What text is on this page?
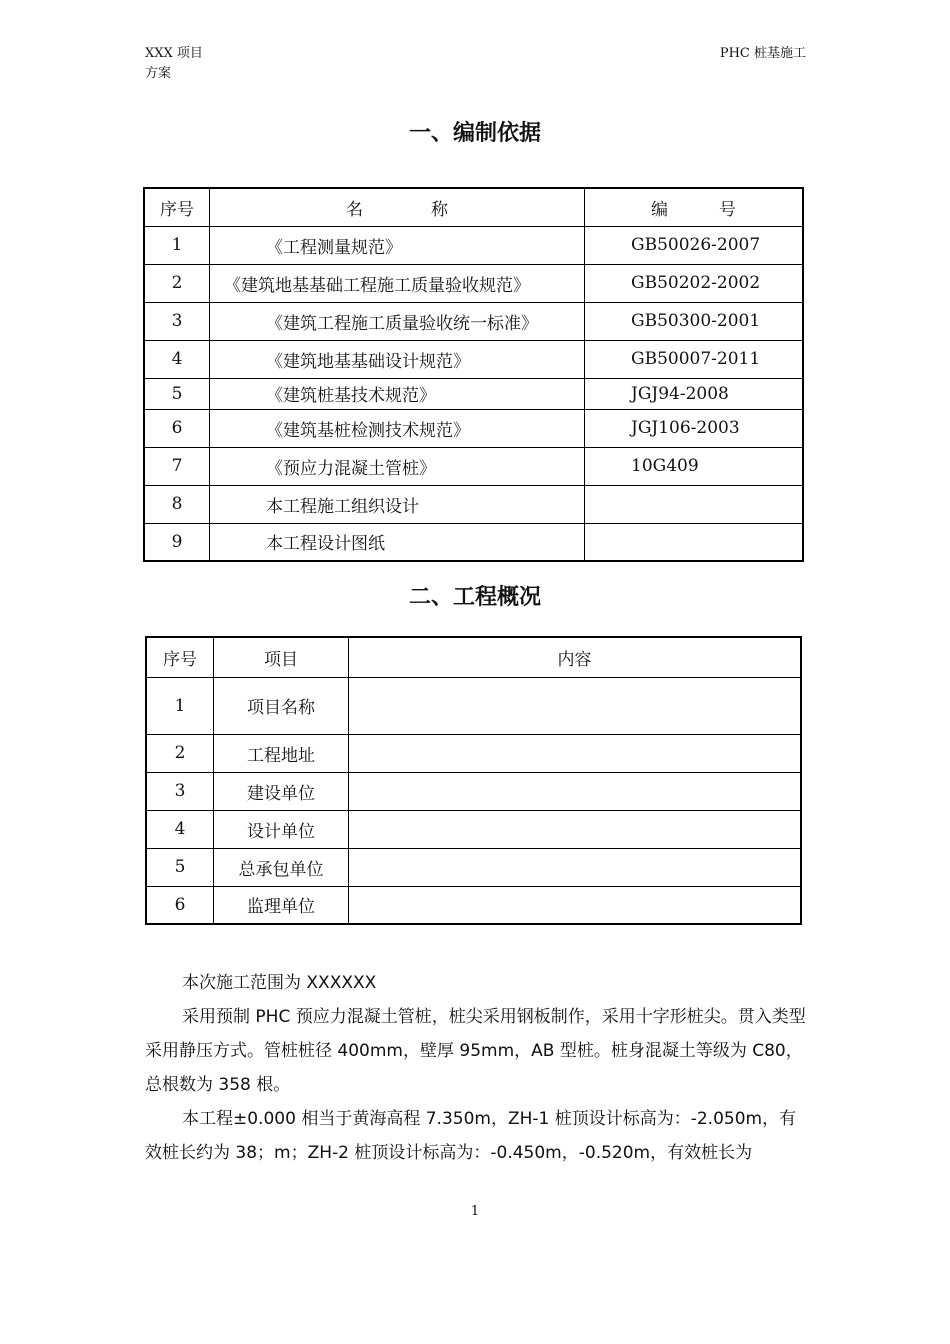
XXX 项目
方案
PHC 桩基施工
一、编制依据
序号	名　　　　称	编　　　号
1	《工程测量规范》	GB50026-2007
2	《建筑地基基础工程施工质量验收规范》	GB50202-2002
3	《建筑工程施工质量验收统一标准》	GB50300-2001
4	《建筑地基基础设计规范》	GB50007-2011
5	《建筑桩基技术规范》	JGJ94-2008
6	《建筑基桩检测技术规范》	JGJ106-2003
7	《预应力混凝土管桩》	10G409
8	本工程施工组织设计	
9	本工程设计图纸	
二、工程概况
序号	项目	内容
1	项目名称	
2	工程地址	
3	建设单位	
4	设计单位	
5	总承包单位	
6	监理单位	

本次施工范围为 XXXXXX

采用预制 PHC 预应力混凝土管桩，桩尖采用钢板制作，采用十字形桩尖。贯入类型采用静压方式。管桩桩径 400mm，壁厚 95mm，AB 型桩。桩身混凝土等级为 C80，总根数为 358 根。

本工程±0.000 相当于黄海高程 7.350m，ZH-1 桩顶设计标高为：-2.050m，有效桩长约为 38；m；ZH-2 桩顶设计标高为：-0.450m，-0.520m，有效桩长为

1
